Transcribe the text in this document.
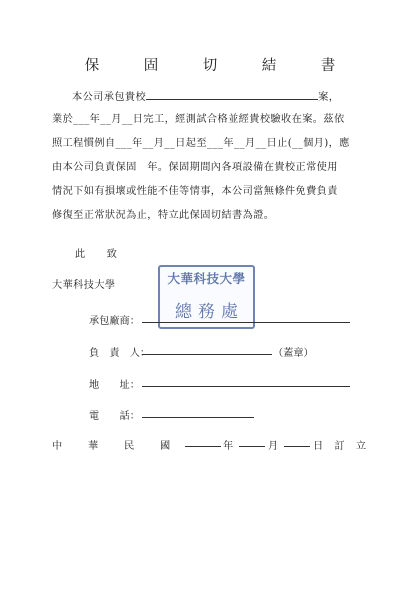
保　固　切　結　書
本公司承包貴校	案，
業於___年__月__日完工，經測試合格並經貴校驗收在案。茲依
照工程慣例自___年__月__日起至___年__月__日止(__個月)，應
由本公司負責保固　年。保固期間內各項設備在貴校正常使用
情況下如有損壞或性能不佳等情事，本公司當無條件免費負責
修復至正常狀況為止，特立此保固切結書為證。
此　　致
大華科技大學	大華科技大學
總務處
承包廠商：
負　責　人：	（蓋章）
地　　址：
電　　話：
中	華	民	國	年	月	日 訂 立
